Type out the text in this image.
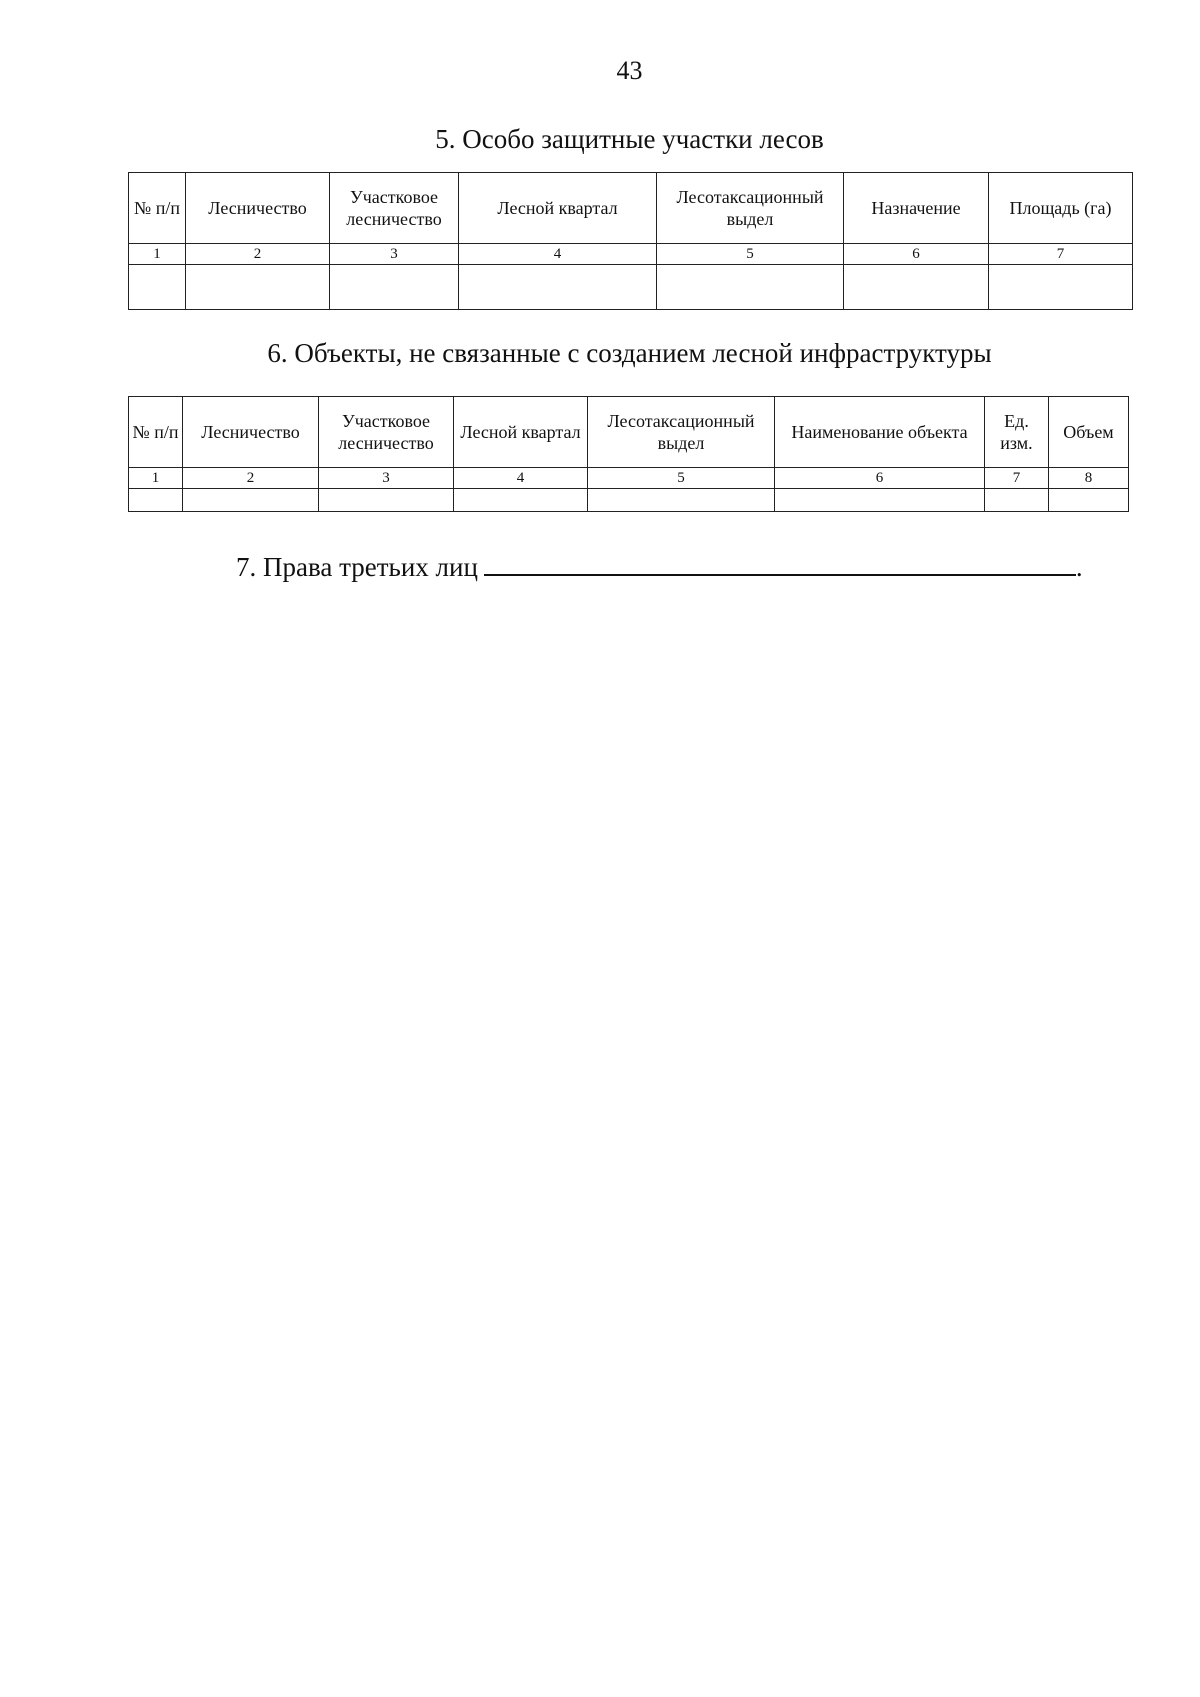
43
5. Особо защитные участки лесов
№ п/п	Лесничество	Участковое лесничество	Лесной квартал	Лесотаксационный выдел	Назначение	Площадь (га)
1	2	3	4	5	6	7

6. Объекты, не связанные с созданием лесной инфраструктуры
№ п/п	Лесничество	Участковое лесничество	Лесной квартал	Лесотаксационный выдел	Наименование объекта	Ед. изм.	Объем
1	2	3	4	5	6	7	8

7. Права третьих лиц	.
